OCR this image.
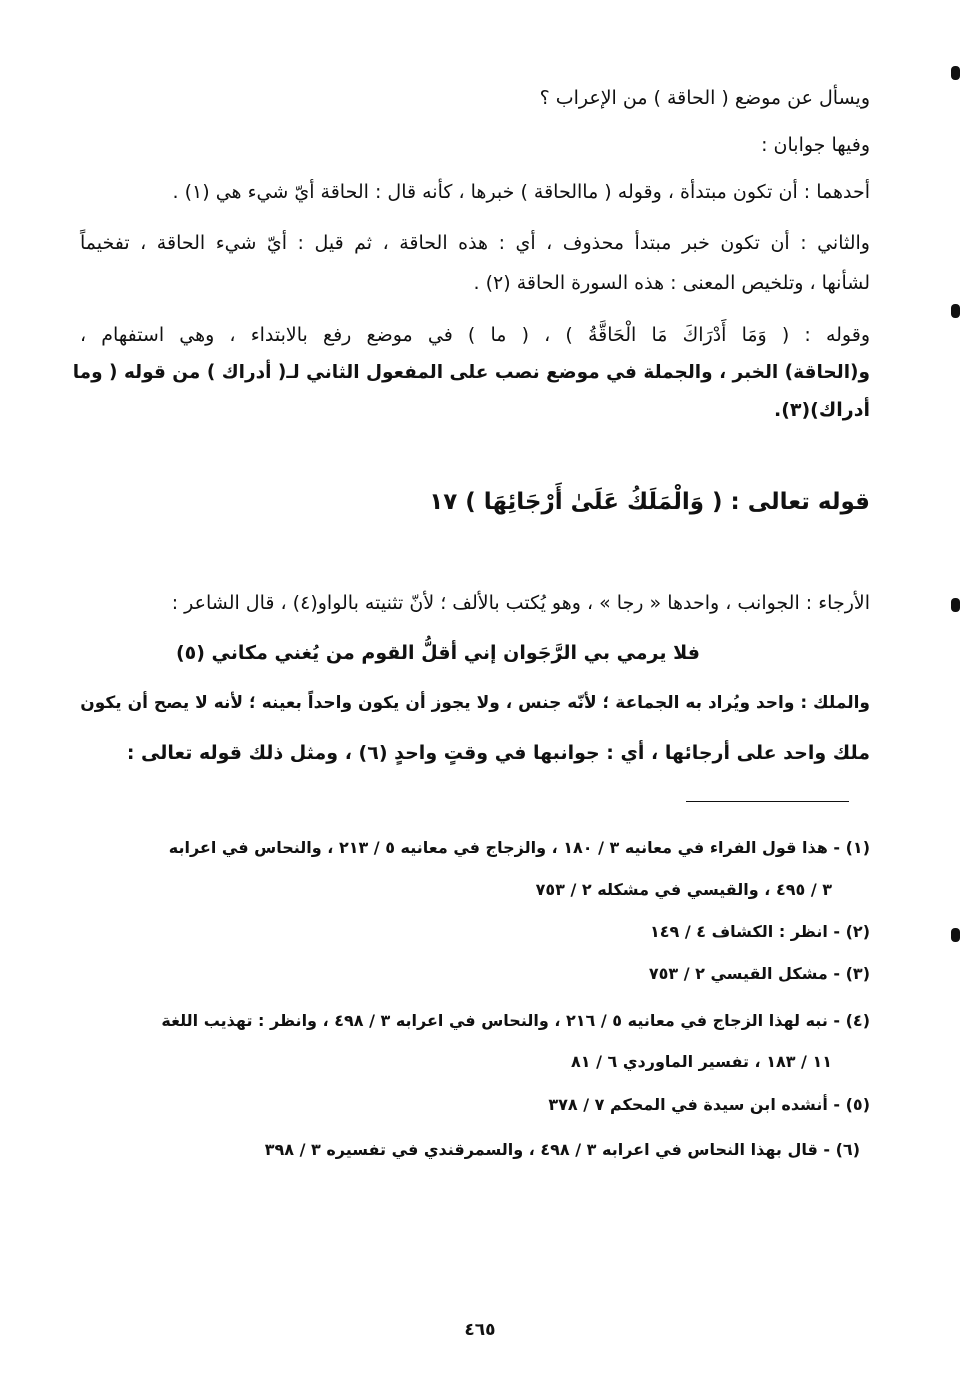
ويسأل عن موضع ( الحاقة ) من الإعراب ؟
وفيها جوابان :
أحدهما : أن تكون مبتدأة ، وقوله ( ماالحاقة ) خبرها ، كأنه قال : الحاقة أيّ شيء هي (١) .
والثاني : أن تكون خبر مبتدأ محذوف ، أي : هذه الحاقة ، ثم قيل : أيّ شيء الحاقة ، تفخيماً
لشأنها ، وتلخيص المعنى : هذه السورة الحاقة (٢) .
وقوله : ( وَمَا أَدْرَاكَ مَا الْحَاقَّةُ ) ، ( ما ) في موضع رفع بالابتداء ، وهي استفهام ،
و(الحاقة) الخبر ، والجملة في موضع نصب على المفعول الثاني لـ( أدراك ) من قوله ( وما
أدراك)(٣).
قوله تعالى : ( وَالْمَلَكُ عَلَىٰ أَرْجَائِهَا ) ١٧
الأرجاء : الجوانب ، واحدها « رجا » ، وهو يُكتب بالألف ؛ لأنّ تثنيته بالواو(٤) ، قال الشاعر :
فلا يرمي بي الرَّجَوان إني أقلُّ القوم من يُغني مكاني (٥)
والملك : واحد ويُراد به الجماعة ؛ لأنّه جنس ، ولا يجوز أن يكون واحداً بعينه ؛ لأنه لا يصح أن يكون
ملك واحد على أرجائها ، أي : جوانبها في وقتٍ واحدٍ (٦) ، ومثل ذلك قوله تعالى :
(١) - هذا قول الفراء في معانيه ٣ / ١٨٠ ، والزجاج في معانيه ٥ / ٢١٣ ، والنحاس في اعرابه
٣ / ٤٩٥ ، والقيسي في مشكله ٢ / ٧٥٣
(٢) - انظر : الكشاف ٤ / ١٤٩
(٣) - مشكل القيسي ٢ / ٧٥٣
(٤) - نبه لهذا الزجاج في معانيه ٥ / ٢١٦ ، والنحاس في اعرابه ٣ / ٤٩٨ ، وانظر : تهذيب اللغة
١١ / ١٨٣ ، تفسير الماوردي ٦ / ٨١
(٥) - أنشده ابن سيدة في المحكم ٧ / ٣٧٨
(٦) - قال بهذا النحاس في اعرابه ٣ / ٤٩٨ ، والسمرقندي في تفسيره ٣ / ٣٩٨
٤٦٥
